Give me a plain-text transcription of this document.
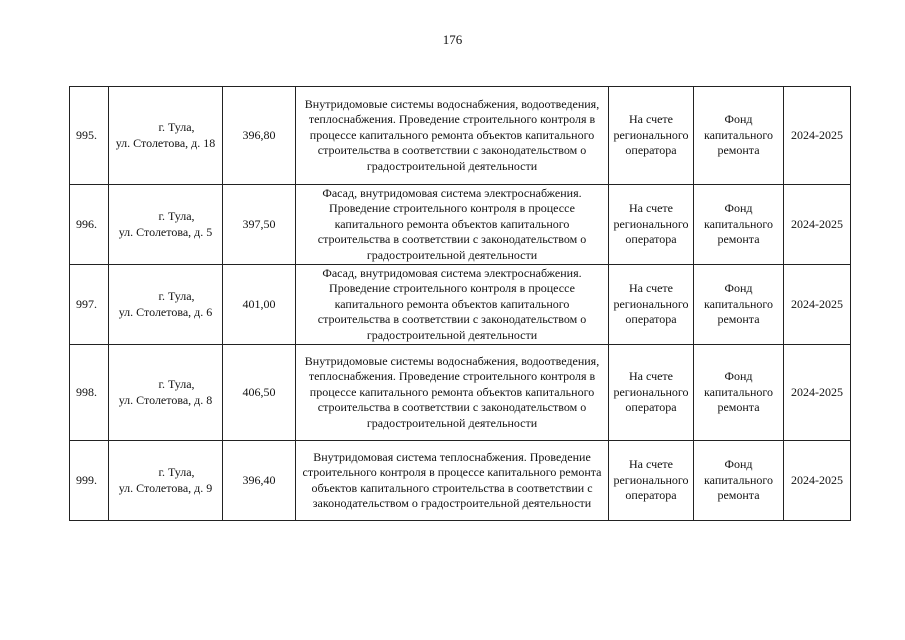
176
995.	г. Тула,
ул. Столетова, д. 18	396,80	Внутридомовые системы водоснабжения, водоотведения, теплоснабжения. Проведение строительного контроля в процессе капитального ремонта объектов капитального строительства в соответствии с законодательством о градостроительной деятельности	На счете регионального оператора	Фонд капитального ремонта	2024-2025
996.	г. Тула,
ул. Столетова, д. 5	397,50	Фасад, внутридомовая система электроснабжения. Проведение строительного контроля в процессе капитального ремонта объектов капитального строительства в соответствии с законодательством о градостроительной деятельности	На счете регионального оператора	Фонд капитального ремонта	2024-2025
997.	г. Тула,
ул. Столетова, д. 6	401,00	Фасад, внутридомовая система электроснабжения. Проведение строительного контроля в процессе капитального ремонта объектов капитального строительства в соответствии с законодательством о градостроительной деятельности	На счете регионального оператора	Фонд капитального ремонта	2024-2025
998.	г. Тула,
ул. Столетова, д. 8	406,50	Внутридомовые системы водоснабжения, водоотведения, теплоснабжения. Проведение строительного контроля в процессе капитального ремонта объектов капитального строительства в соответствии с законодательством о градостроительной деятельности	На счете регионального оператора	Фонд капитального ремонта	2024-2025
999.	г. Тула,
ул. Столетова, д. 9	396,40	Внутридомовая система теплоснабжения. Проведение строительного контроля в процессе капитального ремонта объектов капитального строительства в соответствии с законодательством о градостроительной деятельности	На счете регионального оператора	Фонд капитального ремонта	2024-2025
